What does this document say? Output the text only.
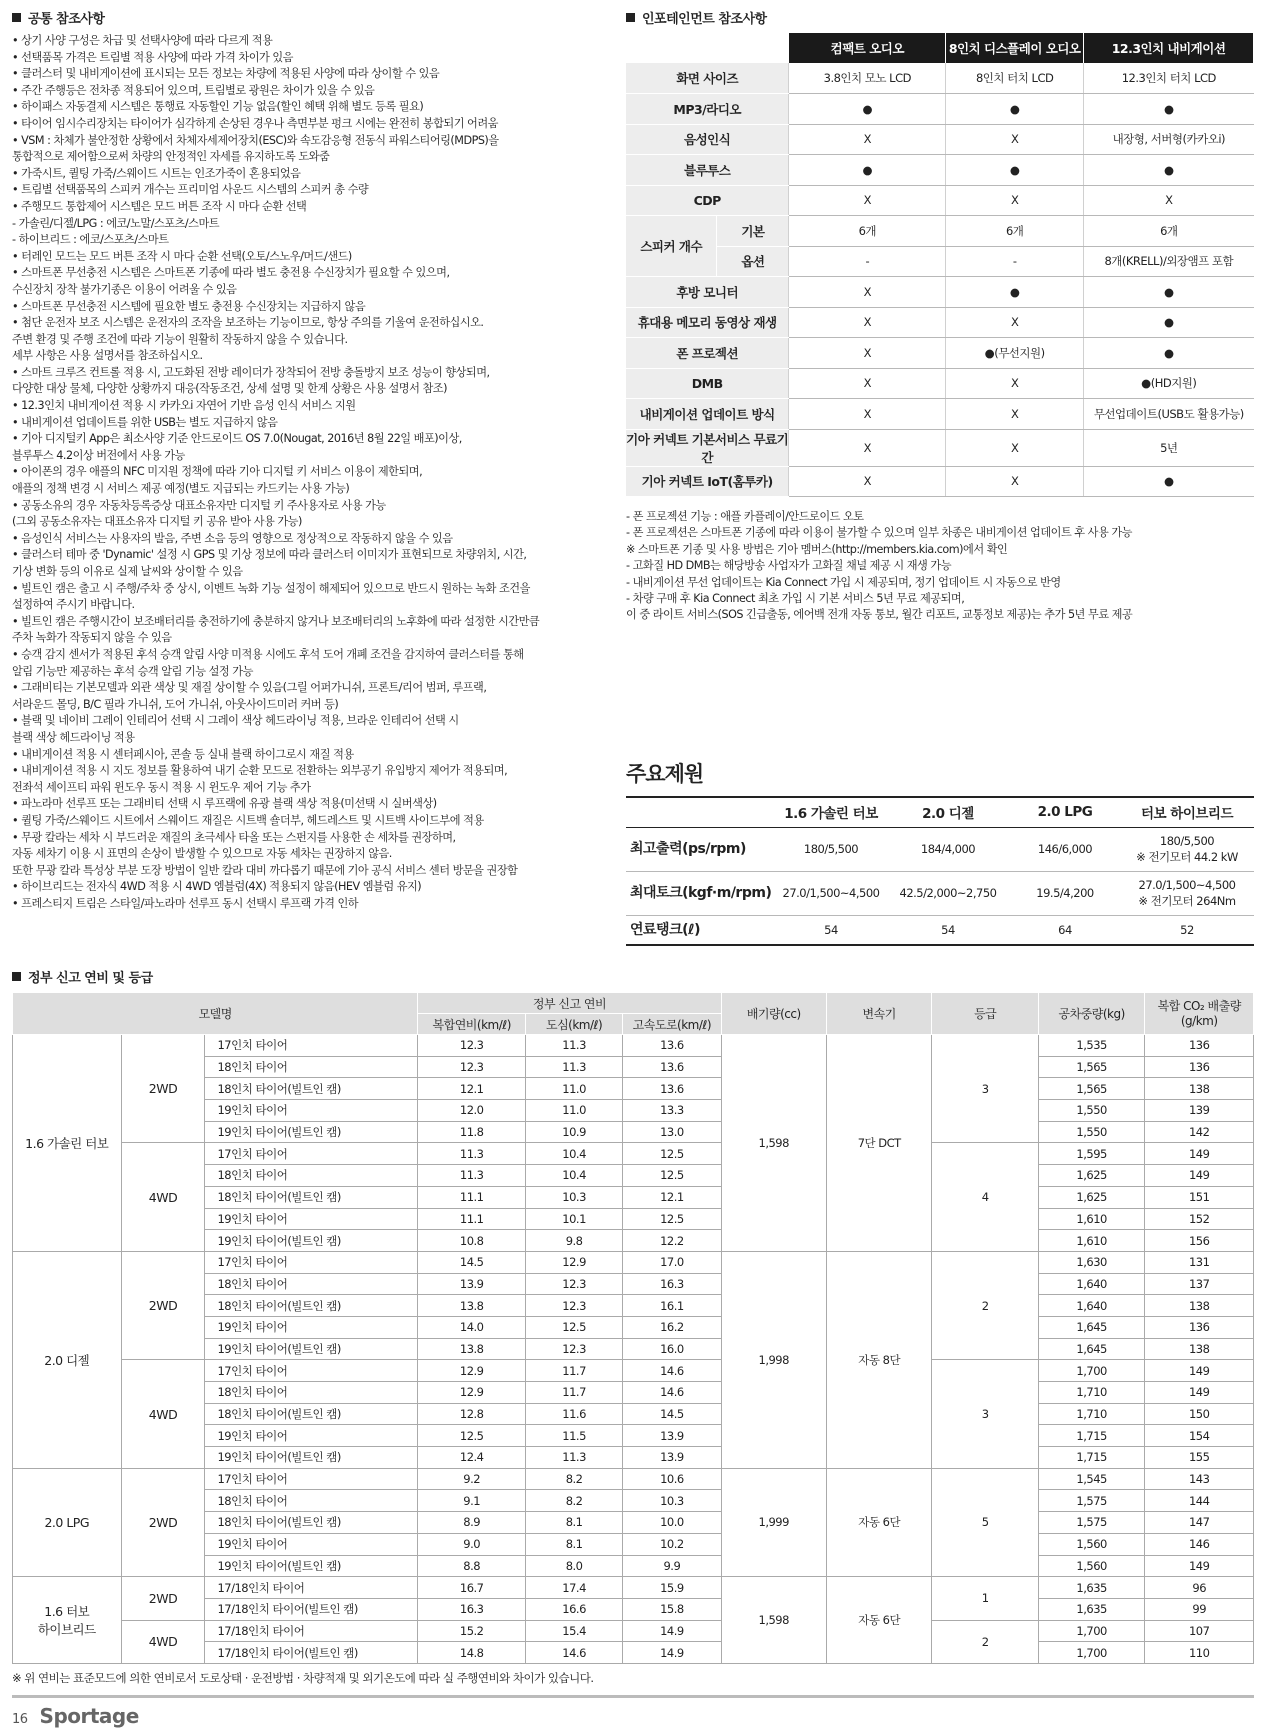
공통 참조사항
• 상기 사양 구성은 차급 및 선택사양에 따라 다르게 적용
• 선택품목 가격은 트림별 적용 사양에 따라 가격 차이가 있음
• 클러스터 및 내비게이션에 표시되는 모든 정보는 차량에 적용된 사양에 따라 상이할 수 있음
• 주간 주행등은 전차종 적용되어 있으며, 트림별로 광원은 차이가 있을 수 있음
• 하이패스 자동결제 시스템은 통행료 자동할인 기능 없음(할인 혜택 위해 별도 등록 필요)
• 타이어 임시수리장치는 타이어가 심각하게 손상된 경우나 측면부분 펑크 시에는 완전히 봉합되기 어려움
• VSM : 차체가 불안정한 상황에서 차체자세제어장치(ESC)와 속도감응형 전동식 파워스티어링(MDPS)을
통합적으로 제어함으로써 차량의 안정적인 자세를 유지하도록 도와줌
• 가죽시트, 퀼팅 가죽/스웨이드 시트는 인조가죽이 혼용되었음
• 트림별 선택품목의 스피커 개수는 프리미엄 사운드 시스템의 스피커 총 수량
• 주행모드 통합제어 시스템은 모드 버튼 조작 시 마다 순환 선택
- 가솔린/디젤/LPG : 에코/노말/스포츠/스마트
- 하이브리드 : 에코/스포츠/스마트
• 터레인 모드는 모드 버튼 조작 시 마다 순환 선택(오토/스노우/머드/샌드)
• 스마트폰 무선충전 시스템은 스마트폰 기종에 따라 별도 충전용 수신장치가 필요할 수 있으며,
수신장치 장착 불가기종은 이용이 어려울 수 있음
• 스마트폰 무선충전 시스템에 필요한 별도 충전용 수신장치는 지급하지 않음
• 첨단 운전자 보조 시스템은 운전자의 조작을 보조하는 기능이므로, 항상 주의를 기울여 운전하십시오.
주변 환경 및 주행 조건에 따라 기능이 원활히 작동하지 않을 수 있습니다.
세부 사항은 사용 설명서를 참조하십시오.
• 스마트 크루즈 컨트롤 적용 시, 고도화된 전방 레이더가 장착되어 전방 충돌방지 보조 성능이 향상되며,
다양한 대상 물체, 다양한 상황까지 대응(작동조건, 상세 설명 및 한계 상황은 사용 설명서 참조)
• 12.3인치 내비게이션 적용 시 카카오i 자연어 기반 음성 인식 서비스 지원
• 내비게이션 업데이트를 위한 USB는 별도 지급하지 않음
• 기아 디지털키 App은 최소사양 기준 안드로이드 OS 7.0(Nougat, 2016년 8월 22일 배포)이상,
블루투스 4.2이상 버전에서 사용 가능
• 아이폰의 경우 애플의 NFC 미지원 정책에 따라 기아 디지털 키 서비스 이용이 제한되며,
애플의 정책 변경 시 서비스 제공 예정(별도 지급되는 카드키는 사용 가능)
• 공동소유의 경우 자동차등록증상 대표소유자만 디지털 키 주사용자로 사용 가능
(그외 공동소유자는 대표소유자 디지털 키 공유 받아 사용 가능)
• 음성인식 서비스는 사용자의 발음, 주변 소음 등의 영향으로 정상적으로 작동하지 않을 수 있음
• 클러스터 테마 중 'Dynamic' 설정 시 GPS 및 기상 정보에 따라 클러스터 이미지가 표현되므로 차량위치, 시간,
기상 변화 등의 이유로 실제 날씨와 상이할 수 있음
• 빌트인 캠은 출고 시 주행/주차 중 상시, 이벤트 녹화 기능 설정이 해제되어 있으므로 반드시 원하는 녹화 조건을
설정하여 주시기 바랍니다.
• 빌트인 캠은 주행시간이 보조배터리를 충전하기에 충분하지 않거나 보조배터리의 노후화에 따라 설정한 시간만큼
주차 녹화가 작동되지 않을 수 있음
• 승객 감지 센서가 적용된 후석 승객 알림 사양 미적용 시에도 후석 도어 개폐 조건을 감지하여 클러스터를 통해
알림 기능만 제공하는 후석 승객 알림 기능 설정 가능
• 그래비티는 기본모델과 외관 색상 및 재질 상이할 수 있음(그릴 어퍼가니쉬, 프론트/리어 범퍼, 루프랙,
서라운드 몰딩, B/C 필라 가니쉬, 도어 가니쉬, 아웃사이드미러 커버 등)
• 블랙 및 네이비 그레이 인테리어 선택 시 그레이 색상 헤드라이닝 적용, 브라운 인테리어 선택 시
블랙 색상 헤드라이닝 적용
• 내비게이션 적용 시 센터페시아, 콘솔 등 실내 블랙 하이그로시 재질 적용
• 내비게이션 적용 시 지도 정보를 활용하여 내기 순환 모드로 전환하는 외부공기 유입방지 제어가 적용되며,
전좌석 세이프티 파워 윈도우 동시 적용 시 윈도우 제어 기능 추가
• 파노라마 선루프 또는 그래비티 선택 시 루프랙에 유광 블랙 색상 적용(미선택 시 실버색상)
• 퀼팅 가죽/스웨이드 시트에서 스웨이드 재질은 시트백 숄더부, 헤드레스트 및 시트백 사이드부에 적용
• 무광 칼라는 세차 시 부드러운 재질의 초극세사 타올 또는 스펀지를 사용한 손 세차를 권장하며,
자동 세차기 이용 시 표면의 손상이 발생할 수 있으므로 자동 세차는 권장하지 않음.
또한 무광 칼라 특성상 부분 도장 방법이 일반 칼라 대비 까다롭기 때문에 기아 공식 서비스 센터 방문을 권장함
• 하이브리드는 전자식 4WD 적용 시 4WD 엠블럼(4X) 적용되지 않음(HEV 엠블럼 유지)
• 프레스티지 트림은 스타일/파노라마 선루프 동시 선택시 루프랙 가격 인하
인포테인먼트 참조사항
		컴팩트 오디오	8인치 디스플레이 오디오	12.3인치 내비게이션
화면 사이즈		3.8인치 모노 LCD	8인치 터치 LCD	12.3인치 터치 LCD
MP3/라디오		●	●	●
음성인식		X	X	내장형, 서버형(카카오i)
블루투스		●	●	●
CDP		X	X	X
스피커 개수	기본	6개	6개	6개
	옵션	-	-	8개(KRELL)/외장앰프 포함
후방 모니터		X	●	●
휴대용 메모리 동영상 재생		X	X	●
폰 프로젝션		X	●(무선지원)	●
DMB		X	X	●(HD지원)
내비게이션 업데이트 방식		X	X	무선업데이트(USB도 활용가능)
기아 커넥트 기본서비스 무료기간		X	X	5년
기아 커넥트 IoT(홈투카)		X	X	●
- 폰 프로젝션 기능 : 애플 카플레이/안드로이드 오토
- 폰 프로젝션은 스마트폰 기종에 따라 이용이 불가할 수 있으며 일부 차종은 내비게이션 업데이트 후 사용 가능
※ 스마트폰 기종 및 사용 방법은 기아 멤버스(http://members.kia.com)에서 확인
- 고화질 HD DMB는 해당방송 사업자가 고화질 채널 제공 시 재생 가능
- 내비게이션 무선 업데이트는 Kia Connect 가입 시 제공되며, 정기 업데이트 시 자동으로 반영
- 차량 구매 후 Kia Connect 최초 가입 시 기본 서비스 5년 무료 제공되며,
이 중 라이트 서비스(SOS 긴급출동, 에어백 전개 자동 통보, 월간 리포트, 교통정보 제공)는 추가 5년 무료 제공
주요제원
	1.6 가솔린 터보	2.0 디젤	2.0 LPG	터보 하이브리드
최고출력(ps/rpm)	180/5,500	184/4,000	146/6,000	180/5,500
※ 전기모터 44.2 kW
최대토크(kgf·m/rpm)	27.0/1,500~4,500	42.5/2,000~2,750	19.5/4,200	27.0/1,500~4,500
※ 전기모터 264Nm
연료탱크(ℓ)	54	54	64	52
정부 신고 연비 및 등급
모델명			정부 신고 연비			배기량(cc)	변속기	등급	공차중량(kg)	복합 CO₂ 배출량
(g/km)
			복합연비(km/ℓ)	도심(km/ℓ)	고속도로(km/ℓ)					
1.6 가솔린 터보	2WD	17인치 타이어	12.3	11.3	13.6	1,598	7단 DCT	3	1,535	136
		18인치 타이어	12.3	11.3	13.6				1,565	136
		18인치 타이어(빌트인 캠)	12.1	11.0	13.6				1,565	138
		19인치 타이어	12.0	11.0	13.3				1,550	139
		19인치 타이어(빌트인 캠)	11.8	10.9	13.0				1,550	142
	4WD	17인치 타이어	11.3	10.4	12.5			4	1,595	149
		18인치 타이어	11.3	10.4	12.5				1,625	149
		18인치 타이어(빌트인 캠)	11.1	10.3	12.1				1,625	151
		19인치 타이어	11.1	10.1	12.5				1,610	152
		19인치 타이어(빌트인 캠)	10.8	9.8	12.2				1,610	156
2.0 디젤	2WD	17인치 타이어	14.5	12.9	17.0	1,998	자동 8단	2	1,630	131
		18인치 타이어	13.9	12.3	16.3				1,640	137
		18인치 타이어(빌트인 캠)	13.8	12.3	16.1				1,640	138
		19인치 타이어	14.0	12.5	16.2				1,645	136
		19인치 타이어(빌트인 캠)	13.8	12.3	16.0				1,645	138
	4WD	17인치 타이어	12.9	11.7	14.6			3	1,700	149
		18인치 타이어	12.9	11.7	14.6				1,710	149
		18인치 타이어(빌트인 캠)	12.8	11.6	14.5				1,710	150
		19인치 타이어	12.5	11.5	13.9				1,715	154
		19인치 타이어(빌트인 캠)	12.4	11.3	13.9				1,715	155
2.0 LPG	2WD	17인치 타이어	9.2	8.2	10.6	1,999	자동 6단	5	1,545	143
		18인치 타이어	9.1	8.2	10.3				1,575	144
		18인치 타이어(빌트인 캠)	8.9	8.1	10.0				1,575	147
		19인치 타이어	9.0	8.1	10.2				1,560	146
		19인치 타이어(빌트인 캠)	8.8	8.0	9.9				1,560	149
1.6 터보
하이브리드	2WD	17/18인치 타이어	16.7	17.4	15.9	1,598	자동 6단	1	1,635	96
		17/18인치 타이어(빌트인 캠)	16.3	16.6	15.8				1,635	99
	4WD	17/18인치 타이어	15.2	15.4	14.9			2	1,700	107
		17/18인치 타이어(빌트인 캠)	14.8	14.6	14.9				1,700	110
※ 위 연비는 표준모드에 의한 연비로서 도로상태 · 운전방법 · 차량적재 및 외기온도에 따라 실 주행연비와 차이가 있습니다.
16 Sportage
